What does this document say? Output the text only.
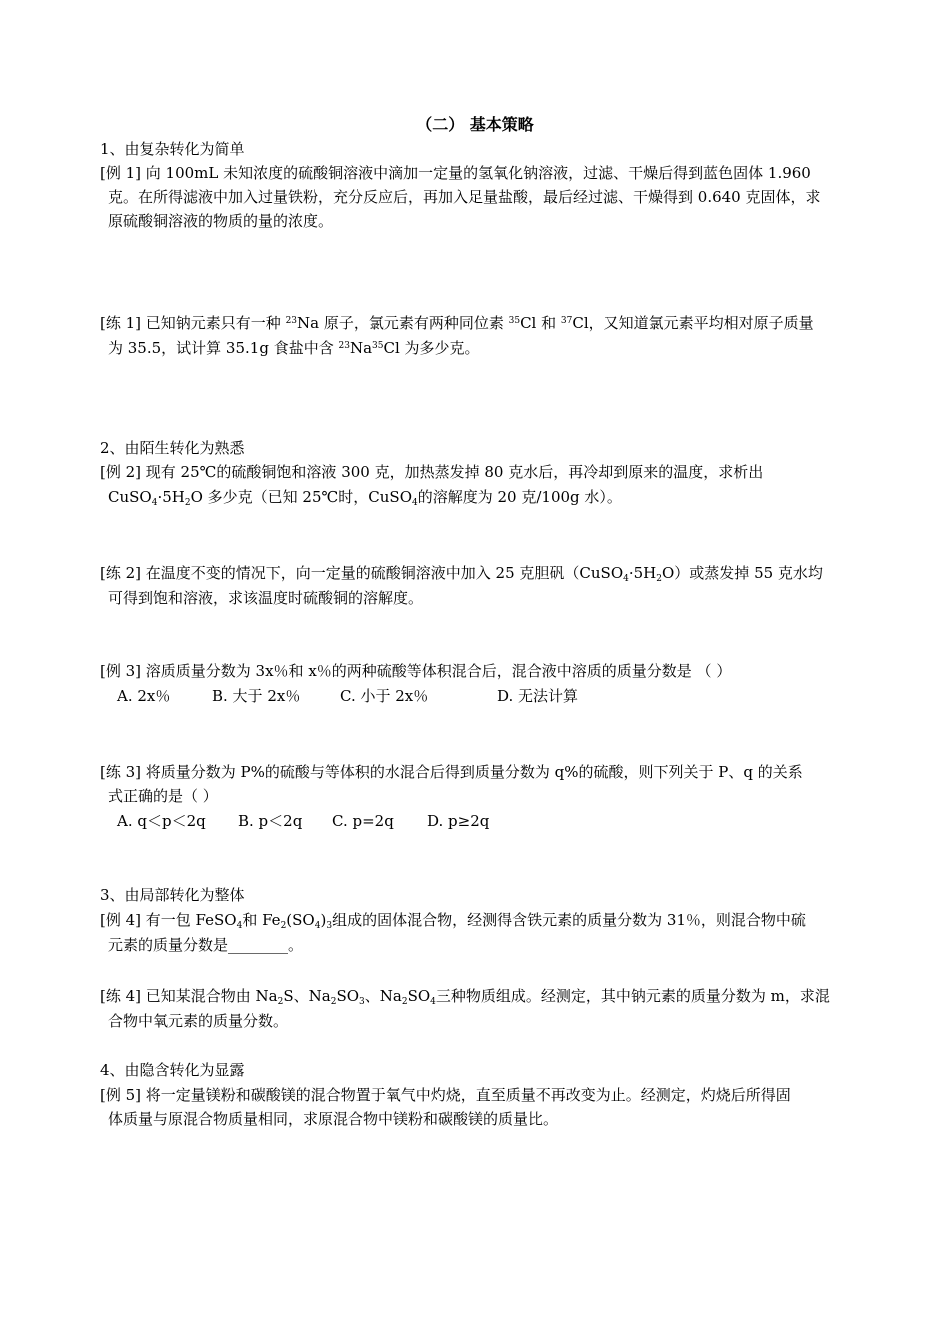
（二） 基本策略
1、由复杂转化为简单
[例 1] 向 100mL 未知浓度的硫酸铜溶液中滴加一定量的氢氧化钠溶液，过滤、干燥后得到蓝色固体 1.960
克。在所得滤液中加入过量铁粉，充分反应后，再加入足量盐酸，最后经过滤、干燥得到 0.640 克固体，求
原硫酸铜溶液的物质的量的浓度。
[练 1] 已知钠元素只有一种 $^{23}$Na 原子，氯元素有两种同位素 $^{35}$Cl 和 $^{37}$Cl，又知道氯元素平均相对原子质量
为 35.5，试计算 35.1g 食盐中含 $^{23}$Na$^{35}$Cl 为多少克。
2、由陌生转化为熟悉
[例 2] 现有 25℃的硫酸铜饱和溶液 300 克，加热蒸发掉 80 克水后，再冷却到原来的温度，求析出
$CuSO_4\cdot 5H_2O$ 多少克（已知 25℃时，CuSO$_4$的溶解度为 20 克/100g 水）。
[练 2] 在温度不变的情况下，向一定量的硫酸铜溶液中加入 25 克胆矾$(CuSO_4\cdot 5H_2O)$或蒸发掉 55 克水均
可得到饱和溶液，求该温度时硫酸铜的溶解度。
[例 3] 溶质质量分数为 3x％和 x％的两种硫酸等体积混合后，混合液中溶质的质量分数是 （ ）
A. 2x％	B. 大于 2x％	C. 小于 2x％	D. 无法计算
[练 3] 将质量分数为 P%的硫酸与等体积的水混合后得到质量分数为 q%的硫酸，则下列关于 P、q 的关系
式正确的是（ ）
A. q＜p＜2q B. p＜2q C. p=2q D. p≥2q
3、由局部转化为整体
[例 4] 有一包 FeSO$_4$和 $Fe_2(SO_4)_3$组成的固体混合物，经测得含铁元素的质量分数为 31％，则混合物中硫
元素的质量分数是________。
[练 4] 已知某混合物由 $Na_2S$、$Na_2SO_3$、$Na_2SO_4$三种物质组成。经测定，其中钠元素的质量分数为 m，求混
合物中氧元素的质量分数。
4、由隐含转化为显露
[例 5] 将一定量镁粉和碳酸镁的混合物置于氧气中灼烧，直至质量不再改变为止。经测定，灼烧后所得固
体质量与原混合物质量相同，求原混合物中镁粉和碳酸镁的质量比。
